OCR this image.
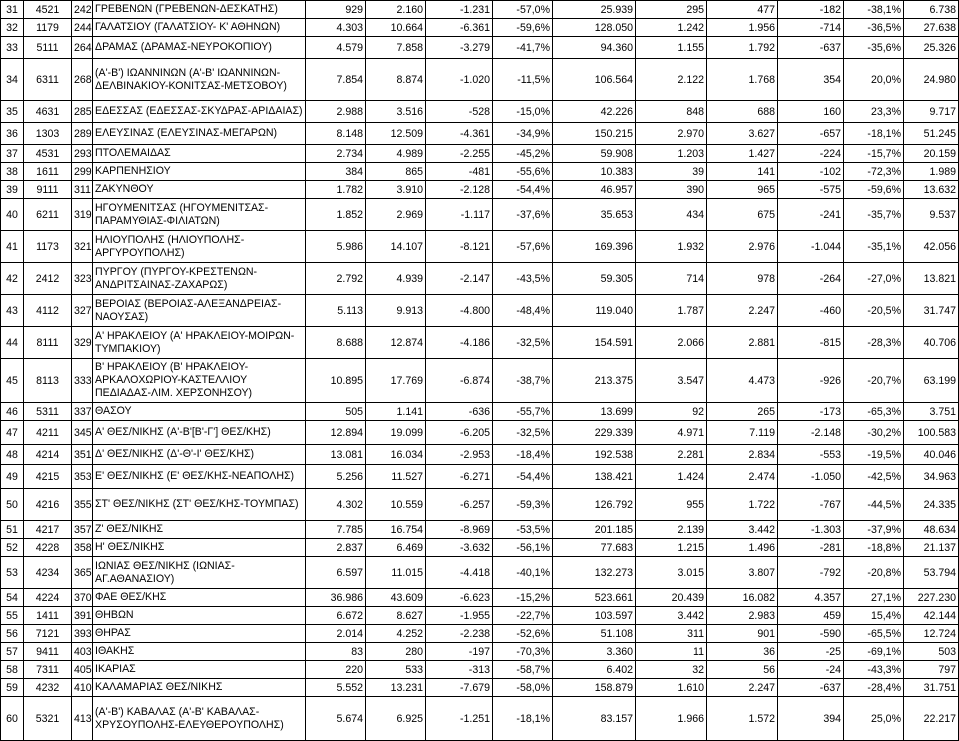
31	4521	242	ΓΡΕΒΕΝΩΝ (ΓΡΕΒΕΝΩΝ-ΔΕΣΚΑΤΗΣ)	929	2.160	-1.231	-57,0%	25.939	295	477	-182	-38,1%	6.738
32	1179	244	ΓΑΛΑΤΣΙΟΥ (ΓΑΛΑΤΣΙΟΥ- Κ' ΑΘΗΝΩΝ)	4.303	10.664	-6.361	-59,6%	128.050	1.242	1.956	-714	-36,5%	27.638
33	5111	264	ΔΡΑΜΑΣ (ΔΡΑΜΑΣ-ΝΕΥΡΟΚΟΠΙΟΥ)	4.579	7.858	-3.279	-41,7%	94.360	1.155	1.792	-637	-35,6%	25.326
34	6311	268	(Α'-Β') ΙΩΑΝΝΙΝΩΝ (Α'-Β' ΙΩΑΝΝΙΝΩΝ-ΔΕΛΒΙΝΑΚΙΟΥ-ΚΟΝΙΤΣΑΣ-ΜΕΤΣΟΒΟΥ)	7.854	8.874	-1.020	-11,5%	106.564	2.122	1.768	354	20,0%	24.980
35	4631	285	ΕΔΕΣΣΑΣ (ΕΔΕΣΣΑΣ-ΣΚΥΔΡΑΣ-ΑΡΙΔΑΙΑΣ)	2.988	3.516	-528	-15,0%	42.226	848	688	160	23,3%	9.717
36	1303	289	ΕΛΕΥΣΙΝΑΣ (ΕΛΕΥΣΙΝΑΣ-ΜΕΓΑΡΩΝ)	8.148	12.509	-4.361	-34,9%	150.215	2.970	3.627	-657	-18,1%	51.245
37	4531	293	ΠΤΟΛΕΜΑΙΔΑΣ	2.734	4.989	-2.255	-45,2%	59.908	1.203	1.427	-224	-15,7%	20.159
38	1611	299	ΚΑΡΠΕΝΗΣΙΟΥ	384	865	-481	-55,6%	10.383	39	141	-102	-72,3%	1.989
39	9111	311	ΖΑΚΥΝΘΟΥ	1.782	3.910	-2.128	-54,4%	46.957	390	965	-575	-59,6%	13.632
40	6211	319	ΗΓΟΥΜΕΝΙΤΣΑΣ (ΗΓΟΥΜΕΝΙΤΣΑΣ-ΠΑΡΑΜΥΘΙΑΣ-ΦΙΛΙΑΤΩΝ)	1.852	2.969	-1.117	-37,6%	35.653	434	675	-241	-35,7%	9.537
41	1173	321	ΗΛΙΟΥΠΟΛΗΣ (ΗΛΙΟΥΠΟΛΗΣ-ΑΡΓΥΡΟΥΠΟΛΗΣ)	5.986	14.107	-8.121	-57,6%	169.396	1.932	2.976	-1.044	-35,1%	42.056
42	2412	323	ΠΥΡΓΟΥ (ΠΥΡΓΟΥ-ΚΡΕΣΤΕΝΩΝ-ΑΝΔΡΙΤΣΑΙΝΑΣ-ΖΑΧΑΡΩΣ)	2.792	4.939	-2.147	-43,5%	59.305	714	978	-264	-27,0%	13.821
43	4112	327	ΒΕΡΟΙΑΣ (ΒΕΡΟΙΑΣ-ΑΛΕΞΑΝΔΡΕΙΑΣ-ΝΑΟΥΣΑΣ)	5.113	9.913	-4.800	-48,4%	119.040	1.787	2.247	-460	-20,5%	31.747
44	8111	329	Α' ΗΡΑΚΛΕΙΟΥ (Α' ΗΡΑΚΛΕΙΟΥ-ΜΟΙΡΩΝ-ΤΥΜΠΑΚΙΟΥ)	8.688	12.874	-4.186	-32,5%	154.591	2.066	2.881	-815	-28,3%	40.706
45	8113	333	Β' ΗΡΑΚΛΕΙΟΥ (Β' ΗΡΑΚΛΕΙΟΥ-ΑΡΚΑΛΟΧΩΡΙΟΥ-ΚΑΣΤΕΛΛΙΟΥ ΠΕΔΙΑΔΑΣ-ΛΙΜ. ΧΕΡΣΟΝΗΣΟΥ)	10.895	17.769	-6.874	-38,7%	213.375	3.547	4.473	-926	-20,7%	63.199
46	5311	337	ΘΑΣΟΥ	505	1.141	-636	-55,7%	13.699	92	265	-173	-65,3%	3.751
47	4211	345	Α' ΘΕΣ/ΝΙΚΗΣ (Α'-Β'[Β'-Γ'] ΘΕΣ/ΚΗΣ)	12.894	19.099	-6.205	-32,5%	229.339	4.971	7.119	-2.148	-30,2%	100.583
48	4214	351	Δ' ΘΕΣ/ΝΙΚΗΣ (Δ'-Θ'-Ι' ΘΕΣ/ΚΗΣ)	13.081	16.034	-2.953	-18,4%	192.538	2.281	2.834	-553	-19,5%	40.046
49	4215	353	Ε' ΘΕΣ/ΝΙΚΗΣ (Ε' ΘΕΣ/ΚΗΣ-ΝΕΑΠΟΛΗΣ)	5.256	11.527	-6.271	-54,4%	138.421	1.424	2.474	-1.050	-42,5%	34.963
50	4216	355	ΣΤ' ΘΕΣ/ΝΙΚΗΣ (ΣΤ' ΘΕΣ/ΚΗΣ-ΤΟΥΜΠΑΣ)	4.302	10.559	-6.257	-59,3%	126.792	955	1.722	-767	-44,5%	24.335
51	4217	357	Ζ' ΘΕΣ/ΝΙΚΗΣ	7.785	16.754	-8.969	-53,5%	201.185	2.139	3.442	-1.303	-37,9%	48.634
52	4228	358	Η' ΘΕΣ/ΝΙΚΗΣ	2.837	6.469	-3.632	-56,1%	77.683	1.215	1.496	-281	-18,8%	21.137
53	4234	365	ΙΩΝΙΑΣ ΘΕΣ/ΝΙΚΗΣ (ΙΩΝΙΑΣ-ΑΓ.ΑΘΑΝΑΣΙΟΥ)	6.597	11.015	-4.418	-40,1%	132.273	3.015	3.807	-792	-20,8%	53.794
54	4224	370	ΦΑΕ ΘΕΣ/ΚΗΣ	36.986	43.609	-6.623	-15,2%	523.661	20.439	16.082	4.357	27,1%	227.230
55	1411	391	ΘΗΒΩΝ	6.672	8.627	-1.955	-22,7%	103.597	3.442	2.983	459	15,4%	42.144
56	7121	393	ΘΗΡΑΣ	2.014	4.252	-2.238	-52,6%	51.108	311	901	-590	-65,5%	12.724
57	9411	403	ΙΘΑΚΗΣ	83	280	-197	-70,3%	3.360	11	36	-25	-69,1%	503
58	7311	405	ΙΚΑΡΙΑΣ	220	533	-313	-58,7%	6.402	32	56	-24	-43,3%	797
59	4232	410	ΚΑΛΑΜΑΡΙΑΣ ΘΕΣ/ΝΙΚΗΣ	5.552	13.231	-7.679	-58,0%	158.879	1.610	2.247	-637	-28,4%	31.751
60	5321	413	(Α'-Β') ΚΑΒΑΛΑΣ (Α'-Β' ΚΑΒΑΛΑΣ-ΧΡΥΣΟΥΠΟΛΗΣ-ΕΛΕΥΘΕΡΟΥΠΟΛΗΣ)	5.674	6.925	-1.251	-18,1%	83.157	1.966	1.572	394	25,0%	22.217
